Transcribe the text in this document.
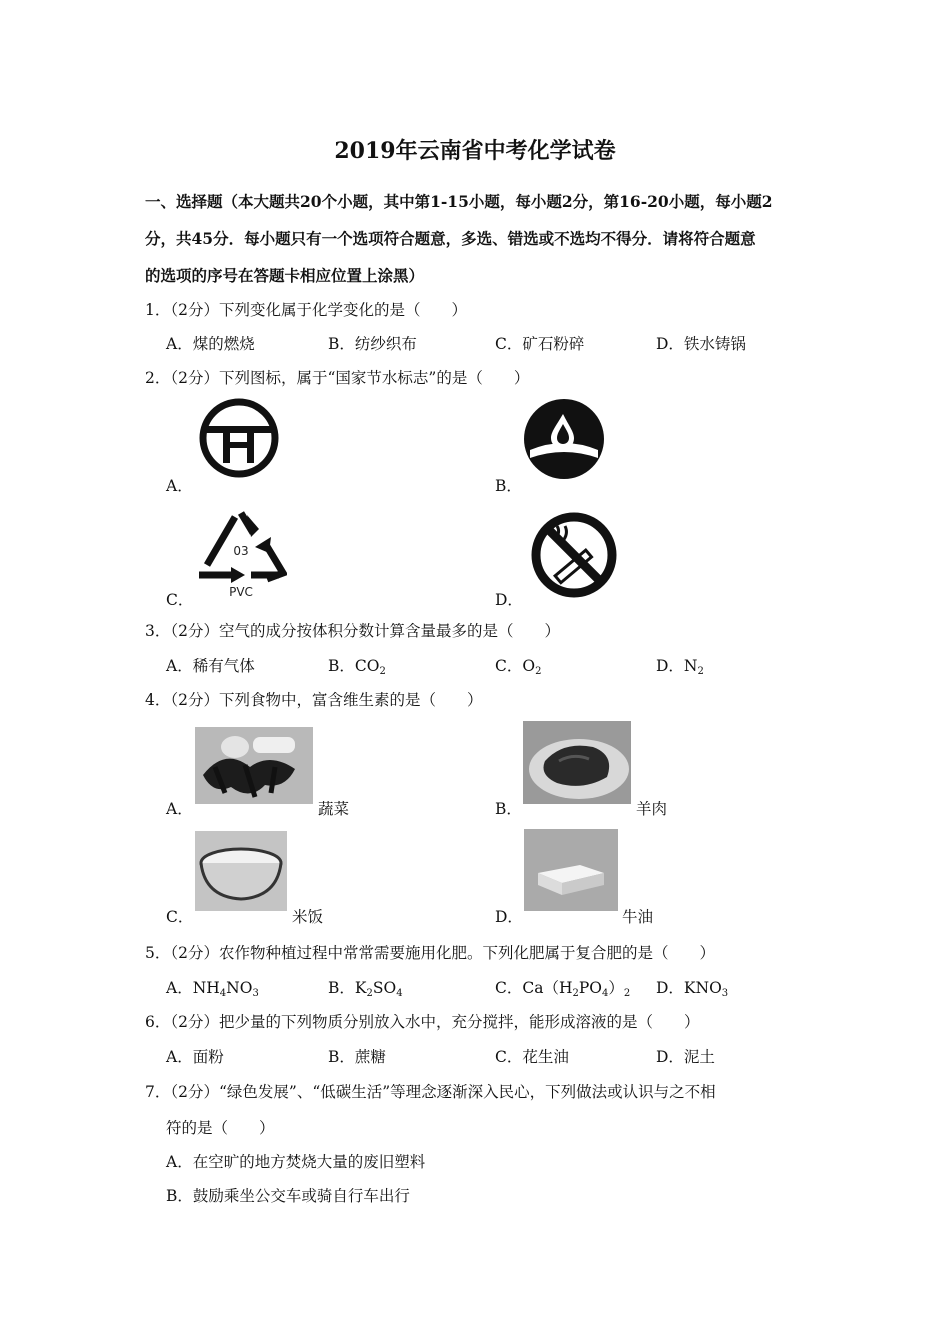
2019年云南省中考化学试卷
一、选择题（本大题共20个小题，其中第1-15小题，每小题2分，第16-20小题，每小题2
分，共45分．每小题只有一个选项符合题意，多选、错选或不选均不得分．请将符合题意
的选项的序号在答题卡相应位置上涂黑）
1．（2分）下列变化属于化学变化的是（　　）
A．煤的燃烧	B．纺纱织布	C．矿石粉碎	D．铁水铸锅
2．（2分）下列图标，属于“国家节水标志”的是（　　）
A．	B．
C．
03
PVC	D．
3．（2分）空气的成分按体积分数计算含量最多的是（　　）
A．稀有气体	B．$CO_2$	C．$O_2$	D．$N_2$
4．（2分）下列食物中，富含维生素的是（　　）
A．	蔬菜	B．	羊肉
C．	米饭	D．	牛油
5．（2分）农作物种植过程中常常需要施用化肥。下列化肥属于复合肥的是（　　）
A．$NH_4NO_3$	B．$K_2SO_4$	C．$Ca(H_2PO_4)_2$ D．$KNO_3$
6．（2分）把少量的下列物质分别放入水中，充分搅拌，能形成溶液的是（　　）
A．面粉	B．蔗糖	C．花生油	D．泥土
7．（2分）“绿色发展”、“低碳生活”等理念逐渐深入民心，下列做法或认识与之不相
符的是（　　）
A．在空旷的地方焚烧大量的废旧塑料
B．鼓励乘坐公交车或骑自行车出行
